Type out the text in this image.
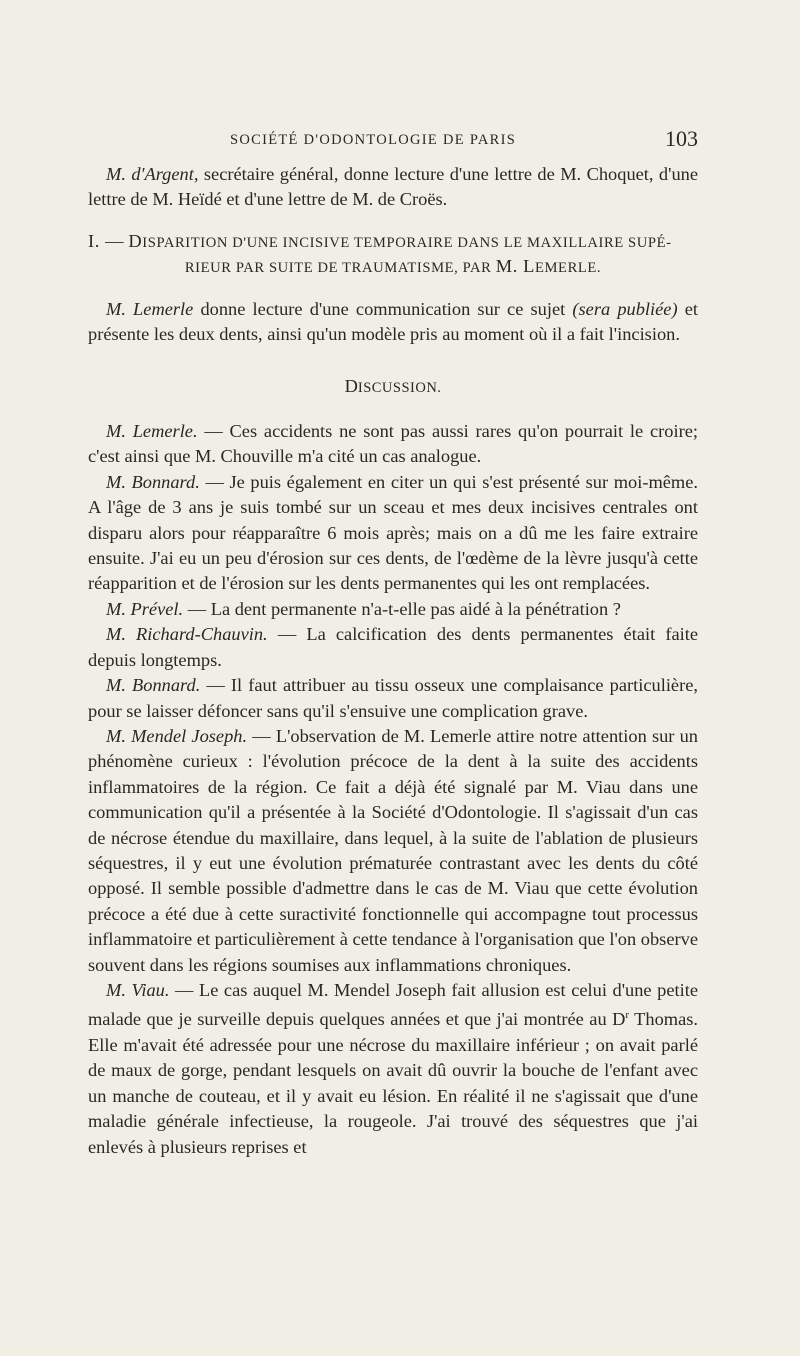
SOCIÉTÉ D'ODONTOLOGIE DE PARIS	103

M. d'Argent, secrétaire général, donne lecture d'une lettre de M. Choquet, d'une lettre de M. Heïdé et d'une lettre de M. de Croës.

I. — DISPARITION D'UNE INCISIVE TEMPORAIRE DANS LE MAXILLAIRE SUPÉ-
RIEUR PAR SUITE DE TRAUMATISME, PAR M. LEMERLE.

M. Lemerle donne lecture d'une communication sur ce sujet (sera publiée) et présente les deux dents, ainsi qu'un modèle pris au moment où il a fait l'incision.

DISCUSSION.

M. Lemerle. — Ces accidents ne sont pas aussi rares qu'on pourrait le croire; c'est ainsi que M. Chouville m'a cité un cas analogue.

M. Bonnard. — Je puis également en citer un qui s'est présenté sur moi-même. A l'âge de 3 ans je suis tombé sur un sceau et mes deux incisives centrales ont disparu alors pour réapparaître 6 mois après; mais on a dû me les faire extraire ensuite. J'ai eu un peu d'érosion sur ces dents, de l'œdème de la lèvre jusqu'à cette réapparition et de l'érosion sur les dents permanentes qui les ont remplacées.

M. Prével. — La dent permanente n'a-t-elle pas aidé à la pénétration ?

M. Richard-Chauvin. — La calcification des dents permanentes était faite depuis longtemps.

M. Bonnard. — Il faut attribuer au tissu osseux une complaisance particulière, pour se laisser défoncer sans qu'il s'ensuive une complication grave.

M. Mendel Joseph. — L'observation de M. Lemerle attire notre attention sur un phénomène curieux : l'évolution précoce de la dent à la suite des accidents inflammatoires de la région. Ce fait a déjà été signalé par M. Viau dans une communication qu'il a présentée à la Société d'Odontologie. Il s'agissait d'un cas de nécrose étendue du maxillaire, dans lequel, à la suite de l'ablation de plusieurs séquestres, il y eut une évolution prématurée contrastant avec les dents du côté opposé. Il semble possible d'admettre dans le cas de M. Viau que cette évolution précoce a été due à cette suractivité fonctionnelle qui accompagne tout processus inflammatoire et particulièrement à cette tendance à l'organisation que l'on observe souvent dans les régions soumises aux inflammations chroniques.

M. Viau. — Le cas auquel M. Mendel Joseph fait allusion est celui d'une petite malade que je surveille depuis quelques années et que j'ai montrée au $D^r$ Thomas. Elle m'avait été adressée pour une nécrose du maxillaire inférieur ; on avait parlé de maux de gorge, pendant lesquels on avait dû ouvrir la bouche de l'enfant avec un manche de couteau, et il y avait eu lésion. En réalité il ne s'agissait que d'une maladie générale infectieuse, la rougeole. J'ai trouvé des séquestres que j'ai enlevés à plusieurs reprises et
